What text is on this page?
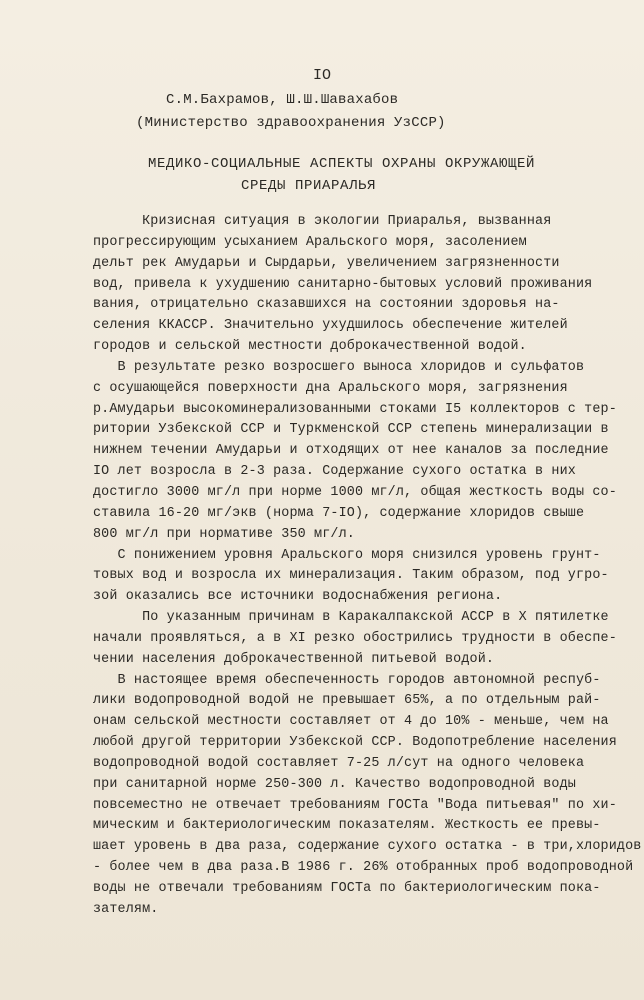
IO
С.М.Бахрамов, Ш.Ш.Шавахабов
(Министерство здравоохранения УзССР)
МЕДИКО-СОЦИАЛЬНЫЕ АСПЕКТЫ ОХРАНЫ ОКРУЖАЮЩЕЙ
СРЕДЫ ПРИАРАЛЬЯ
Кризисная ситуация в экологии Приаралья, вызванная
прогрессирующим усыханием Аральского моря, засолением
дельт рек Амударьи и Сырдарьи, увеличением загрязненности
вод, привела к ухудшению санитарно-бытовых условий проживания
вания, отрицательно сказавшихся на состоянии здоровья на-
селения ККАССР. Значительно ухудшилось обеспечение жителей
городов и сельской местности доброкачественной водой.
В результате резко возросшего выноса хлоридов и сульфатов
с осушающейся поверхности дна Аральского моря, загрязнения
р.Амударьи высокоминерализованными стоками I5 коллекторов с тер-
ритории Узбекской ССР и Туркменской ССР степень минерализации в
нижнем течении Амударьи и отходящих от нее каналов за последние
IO лет возросла в 2-3 раза. Содержание сухого остатка в них
достигло 3000 мг/л при норме 1000 мг/л, общая жесткость воды со-
ставила 16-20 мг/экв (норма 7-IO), содержание хлоридов свыше
800 мг/л при нормативе 350 мг/л.
С понижением уровня Аральского моря снизился уровень грунт-
товых вод и возросла их минерализация. Таким образом, под угро-
зой оказались все источники водоснабжения региона.
По указанным причинам в Каракалпакской АССР в X пятилетке
начали проявляться, а в XI резко обострились трудности в обеспе-
чении населения доброкачественной питьевой водой.
В настоящее время обеспеченность городов автономной респуб-
лики водопроводной водой не превышает 65%, а по отдельным рай-
онам сельской местности составляет от 4 до 10% - меньше, чем на
любой другой территории Узбекской ССР. Водопотребление населения
водопроводной водой составляет 7-25 л/сут на одного человека
при санитарной норме 250-300 л. Качество водопроводной воды
повсеместно не отвечает требованиям ГОСТа "Вода питьевая" по хи-
мическим и бактериологическим показателям. Жесткость ее превы-
шает уровень в два раза, содержание сухого остатка - в три,хлоридов
- более чем в два раза.В 1986 г. 26% отобранных проб водопроводной
воды не отвечали требованиям ГОСТа по бактериологическим пока-
зателям.
